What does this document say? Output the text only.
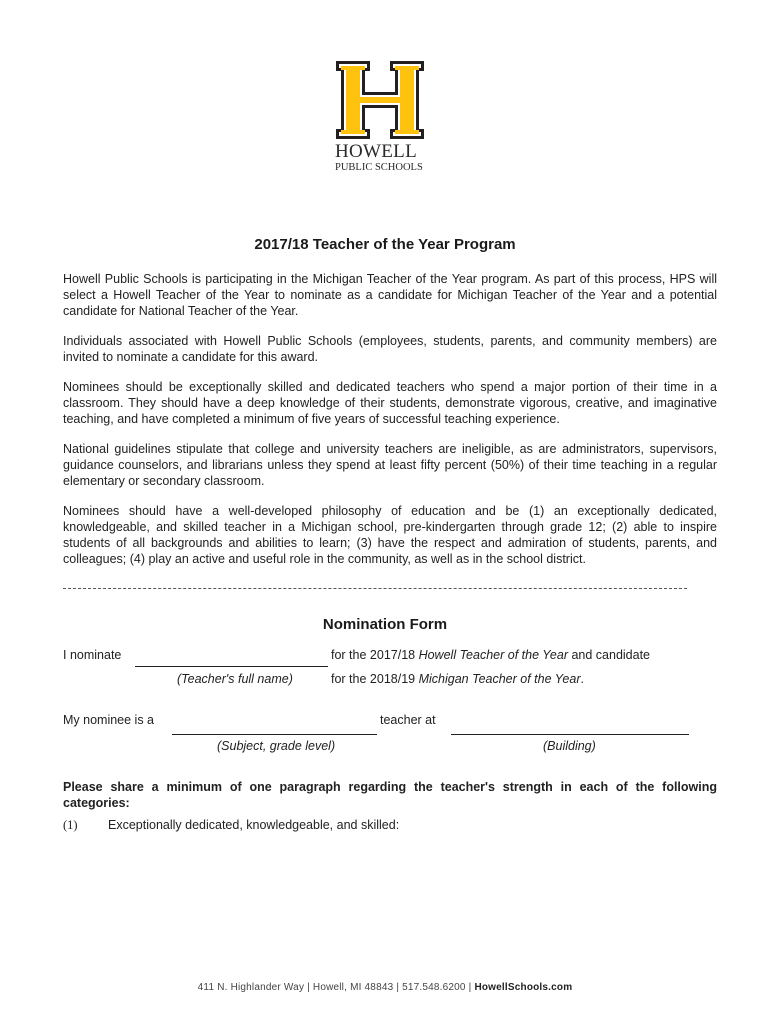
HOWELL
PUBLIC SCHOOLS
2017/18 Teacher of the Year Program

Howell Public Schools is participating in the Michigan Teacher of the Year program. As part of this process, HPS will select a Howell Teacher of the Year to nominate as a candidate for Michigan Teacher of the Year and a potential candidate for National Teacher of the Year.

Individuals associated with Howell Public Schools (employees, students, parents, and community members) are invited to nominate a candidate for this award.

Nominees should be exceptionally skilled and dedicated teachers who spend a major portion of their time in a classroom. They should have a deep knowledge of their students, demonstrate vigorous, creative, and imaginative teaching, and have completed a minimum of five years of successful teaching experience.

National guidelines stipulate that college and university teachers are ineligible, as are administrators, supervisors, guidance counselors, and librarians unless they spend at least fifty percent (50%) of their time teaching in a regular elementary or secondary classroom.

Nominees should have a well-developed philosophy of education and be (1) an exceptionally dedicated, knowledgeable, and skilled teacher in a Michigan school, pre-kindergarten through grade 12; (2) able to inspire students of all backgrounds and abilities to learn; (3) have the respect and admiration of students, parents, and colleagues; (4) play an active and useful role in the community, as well as in the school district.

Nomination Form
I nominate	for the 2017/18 Howell Teacher of the Year and candidate
(Teacher's full name)	for the 2018/19 Michigan Teacher of the Year.
My nominee is a	teacher at
(Subject, grade level)	(Building)

Please share a minimum of one paragraph regarding the teacher's strength in each of the following categories:

(1) Exceptionally dedicated, knowledgeable, and skilled:
411 N. Highlander Way | Howell, MI 48843 | 517.548.6200 | HowellSchools.com
